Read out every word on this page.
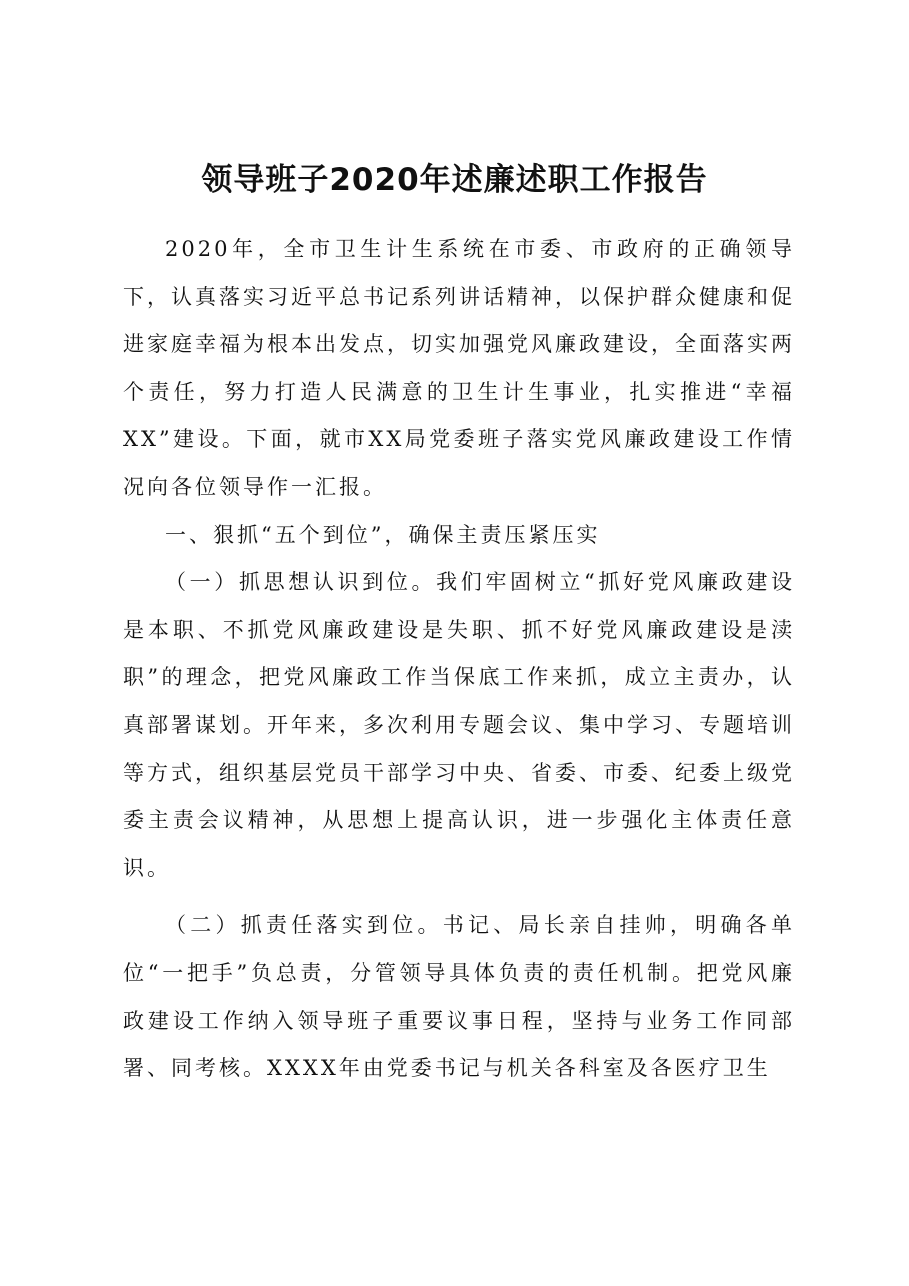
领导班子2020年述廉述职工作报告

2020年，全市卫生计生系统在市委、市政府的正确领导下，认真落实习近平总书记系列讲话精神，以保护群众健康和促进家庭幸福为根本出发点，切实加强党风廉政建设，全面落实两个责任，努力打造人民满意的卫生计生事业，扎实推进“幸福XX”建设。下面，就市XX局党委班子落实党风廉政建设工作情况向各位领导作一汇报。

一、狠抓“五个到位”，确保主责压紧压实

（一）抓思想认识到位。我们牢固树立“抓好党风廉政建设是本职、不抓党风廉政建设是失职、抓不好党风廉政建设是渎职”的理念，把党风廉政工作当保底工作来抓，成立主责办，认真部署谋划。开年来，多次利用专题会议、集中学习、专题培训等方式，组织基层党员干部学习中央、省委、市委、纪委上级党委主责会议精神，从思想上提高认识，进一步强化主体责任意识。

（二）抓责任落实到位。书记、局长亲自挂帅，明确各单位“一把手”负总责，分管领导具体负责的责任机制。把党风廉政建设工作纳入领导班子重要议事日程，坚持与业务工作同部署、同考核。XXXX年由党委书记与机关各科室及各医疗卫生
